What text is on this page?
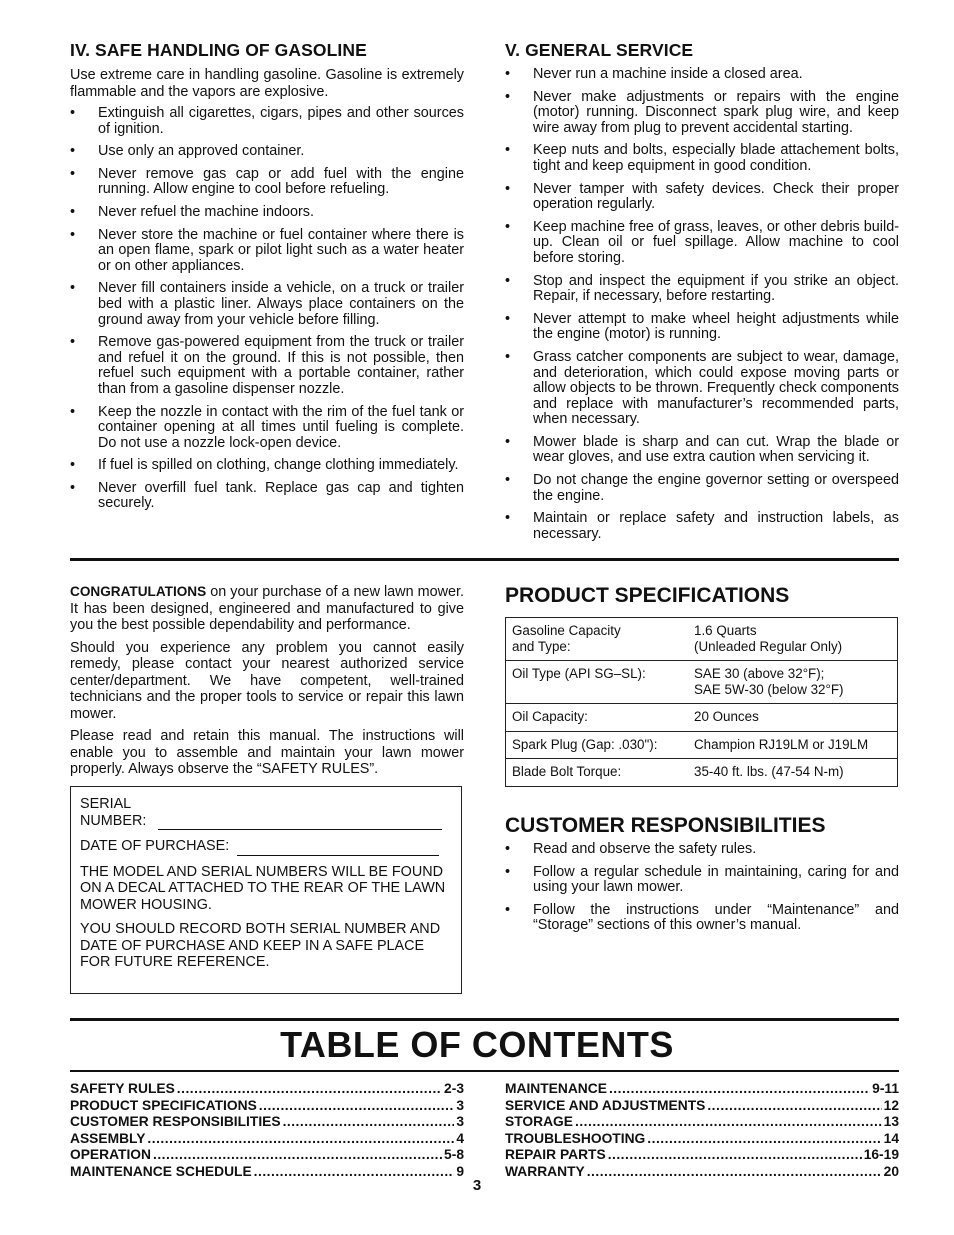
IV. SAFE HANDLING OF GASOLINE

Use extreme care in handling gasoline. Gasoline is extremely flammable and the vapors are explosive.

• Extinguish all cigarettes, cigars, pipes and other sources of ignition.
• Use only an approved container.
• Never remove gas cap or add fuel with the engine running. Allow engine to cool before refueling.
• Never refuel the machine indoors.
• Never store the machine or fuel container where there is an open flame, spark or pilot light such as a water heater or on other appliances.
• Never fill containers inside a vehicle, on a truck or trailer bed with a plastic liner. Always place containers on the ground away from your vehicle before filling.
• Remove gas-powered equipment from the truck or trailer and refuel it on the ground. If this is not possible, then refuel such equipment with a portable container, rather than from a gasoline dispenser nozzle.
• Keep the nozzle in contact with the rim of the fuel tank or container opening at all times until fueling is complete. Do not use a nozzle lock-open device.
• If fuel is spilled on clothing, change clothing immediately.
• Never overfill fuel tank. Replace gas cap and tighten securely.
V. GENERAL SERVICE
• Never run a machine inside a closed area.
• Never make adjustments or repairs with the engine (motor) running. Disconnect spark plug wire, and keep wire away from plug to prevent accidental starting.
• Keep nuts and bolts, especially blade attachement bolts, tight and keep equipment in good condition.
• Never tamper with safety devices. Check their proper operation regularly.
• Keep machine free of grass, leaves, or other debris build-up. Clean oil or fuel spillage. Allow machine to cool before storing.
• Stop and inspect the equipment if you strike an object. Repair, if necessary, before restarting.
• Never attempt to make wheel height adjustments while the engine (motor) is running.
• Grass catcher components are subject to wear, damage, and deterioration, which could expose moving parts or allow objects to be thrown. Frequently check components and replace with manufacturer’s recommended parts, when necessary.
• Mower blade is sharp and can cut. Wrap the blade or wear gloves, and use extra caution when servicing it.
• Do not change the engine governor setting or overspeed the engine.
• Maintain or replace safety and instruction labels, as necessary.

CONGRATULATIONS on your purchase of a new lawn mower. It has been designed, engineered and manufactured to give you the best possible dependability and performance.

Should you experience any problem you cannot easily remedy, please contact your nearest authorized service center/department. We have competent, well-trained technicians and the proper tools to service or repair this lawn mower.

Please read and retain this manual. The instructions will enable you to assemble and maintain your lawn mower properly. Always observe the “SAFETY RULES”.

SERIAL
NUMBER:
DATE OF PURCHASE:

THE MODEL AND SERIAL NUMBERS WILL BE FOUND ON A DECAL ATTACHED TO THE REAR OF THE LAWN MOWER HOUSING.

YOU SHOULD RECORD BOTH SERIAL NUMBER AND DATE OF PURCHASE AND KEEP IN A SAFE PLACE FOR FUTURE REFERENCE.

PRODUCT SPECIFICATIONS
Gasoline Capacity
and Type:	1.6 Quarts
(Unleaded Regular Only)
Oil Type (API SG–SL):	SAE 30 (above 32°F);
SAE 5W-30 (below 32°F)
Oil Capacity:	20 Ounces
Spark Plug (Gap: .030"):	Champion RJ19LM or J19LM
Blade Bolt Torque:	35-40 ft. lbs. (47-54 N-m)
CUSTOMER RESPONSIBILITIES
• Read and observe the safety rules.
• Follow a regular schedule in maintaining, caring for and using your lawn mower.
• Follow the instructions under “Maintenance” and “Storage” sections of this owner’s manual.
TABLE OF CONTENTS
SAFETY RULES .....	2-3
PRODUCT SPECIFICATIONS .....	3
CUSTOMER RESPONSIBILITIES .....	3
ASSEMBLY .....	4
OPERATION .....	5-8
MAINTENANCE SCHEDULE .....	9
MAINTENANCE .....	9-11
SERVICE AND ADJUSTMENTS .....	12
STORAGE .....	13
TROUBLESHOOTING .....	14
REPAIR PARTS .....	16-19
WARRANTY .....	20
3
